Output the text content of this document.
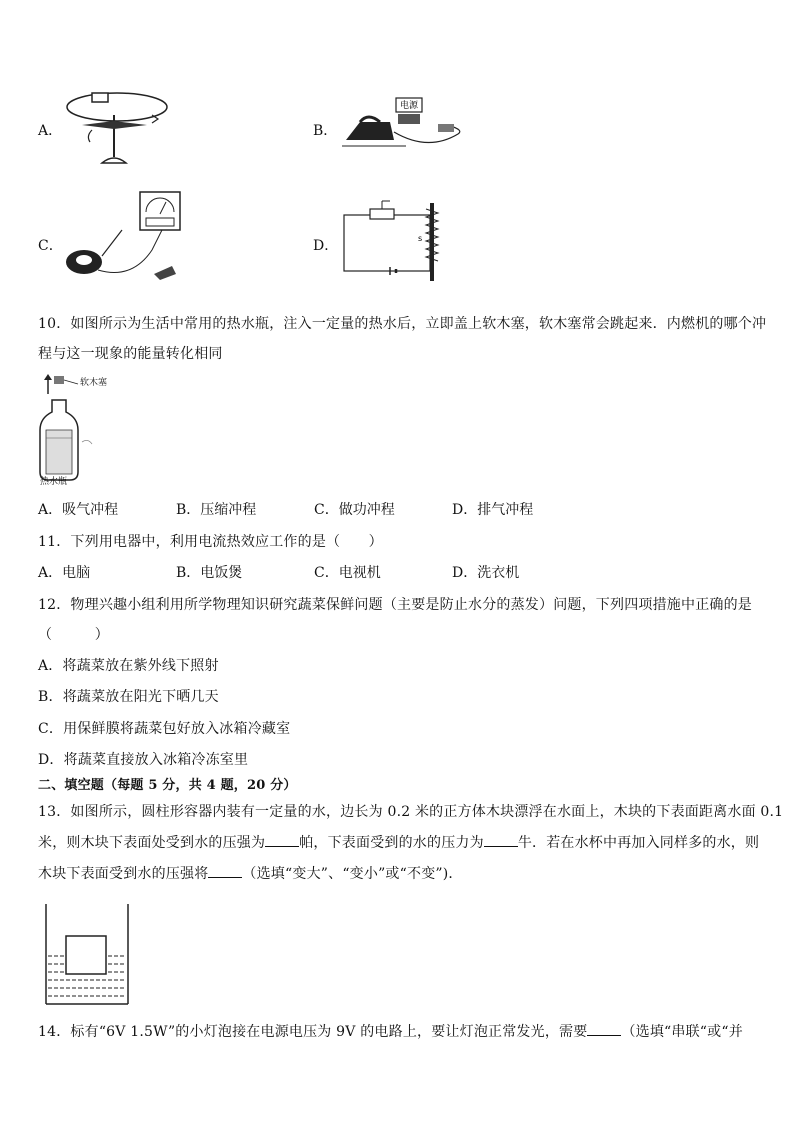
A．	B．
电源
C．	D．	s
10．如图所示为生活中常用的热水瓶，注入一定量的热水后，立即盖上软木塞，软木塞常会跳起来．内燃机的哪个冲
程与这一现象的能量转化相同
软木塞
热水瓶
A．吸气冲程	B．压缩冲程	C．做功冲程	D．排气冲程
11．下列用电器中，利用电流热效应工作的是（　　）
A．电脑	B．电饭煲	C．电视机	D．洗衣机
12．物理兴趣小组利用所学物理知识研究蔬菜保鲜问题（主要是防止水分的蒸发）问题，下列四项措施中正确的是
（　　　）
A．将蔬菜放在紫外线下照射
B．将蔬菜放在阳光下晒几天
C．用保鲜膜将蔬菜包好放入冰箱冷藏室
D．将蔬菜直接放入冰箱冷冻室里
二、填空题（每题 5 分，共 4 题，20 分）
13．如图所示，圆柱形容器内装有一定量的水，边长为 0.2 米的正方体木块漂浮在水面上，木块的下表面距离水面 0.1
米，则木块下表面处受到水的压强为 帕，下表面受到的水的压力为 牛．若在水杯中再加入同样多的水，则
木块下表面受到水的压强将 （选填“变大”、“变小”或“不变”)．
14．标有“6V 1.5W”的小灯泡接在电源电压为 9V 的电路上，要让灯泡正常发光，需要 （选填“串联“或“并
